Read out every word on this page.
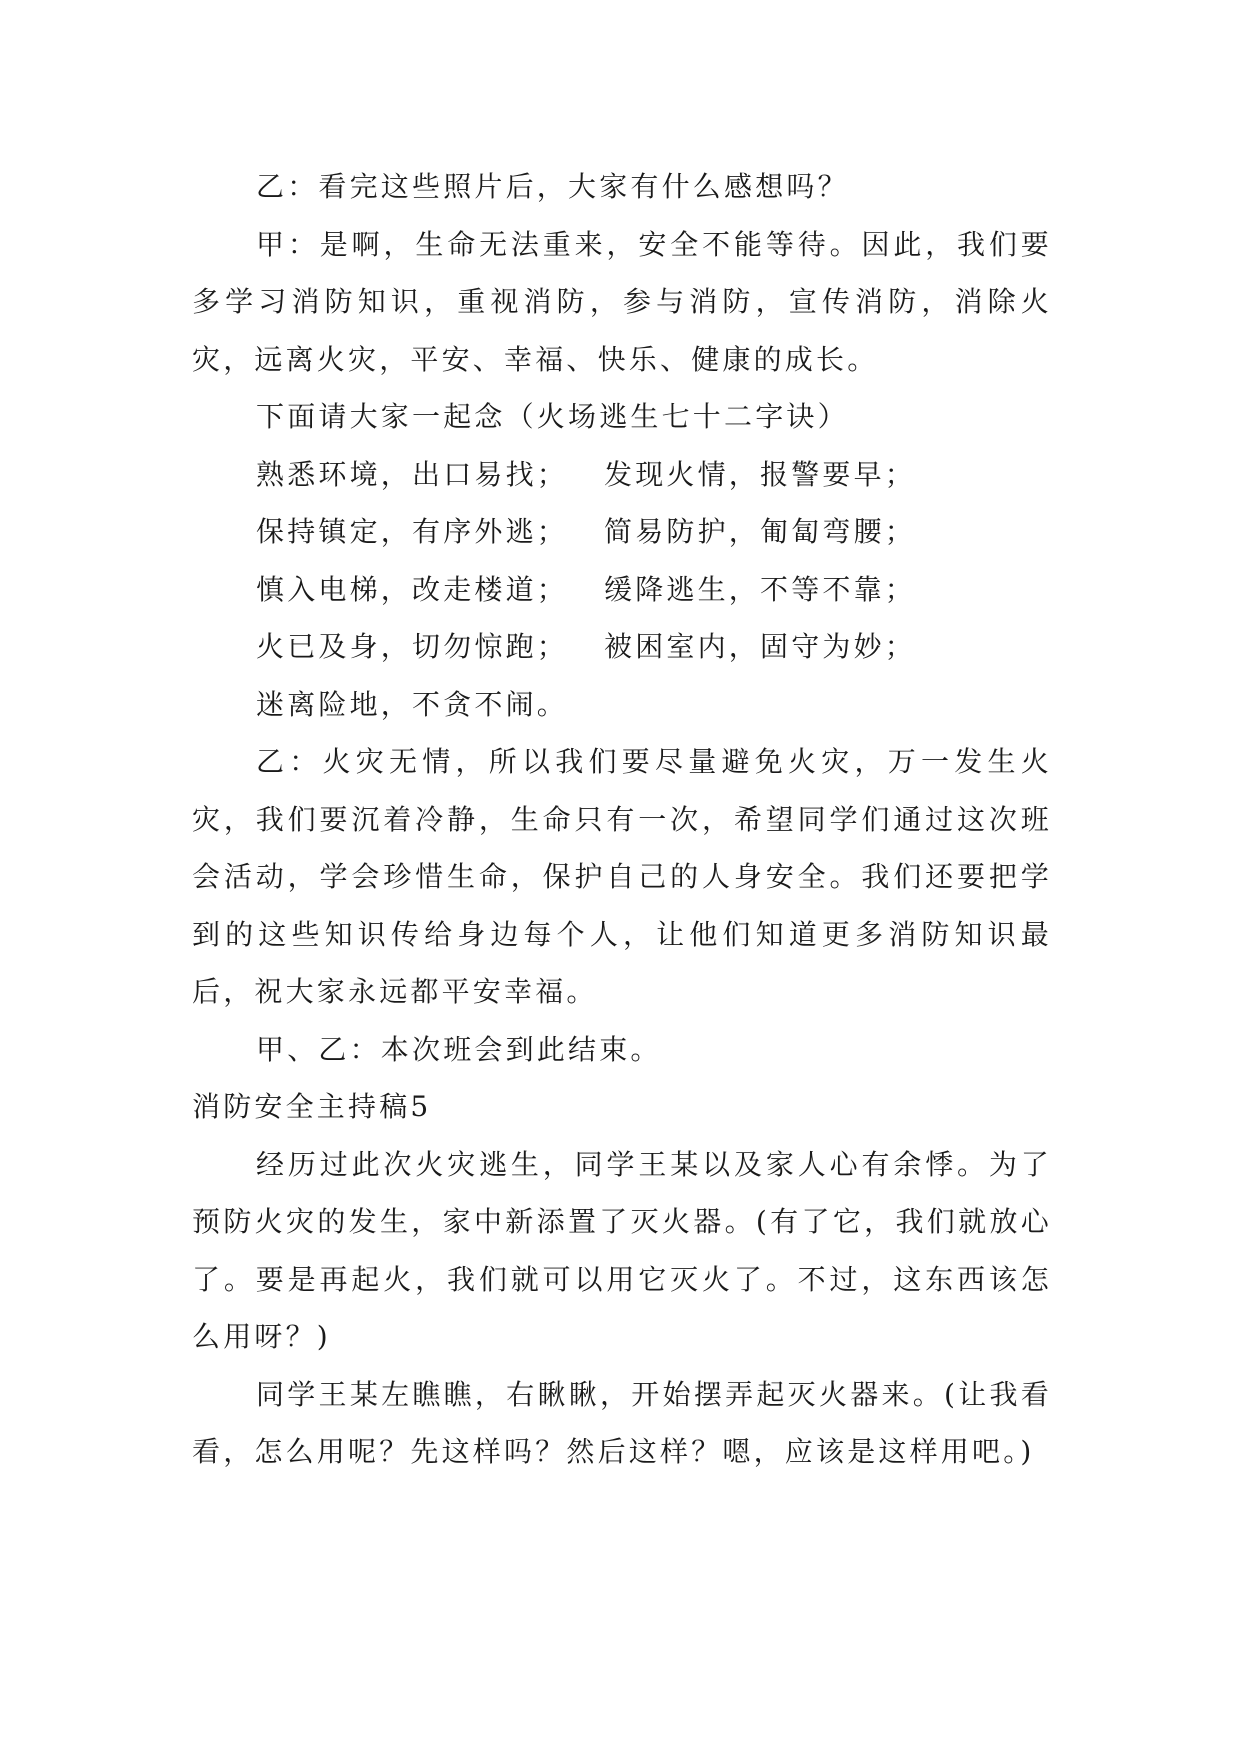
乙：看完这些照片后，大家有什么感想吗？

甲：是啊，生命无法重来，安全不能等待。因此，我们要多学习消防知识，重视消防，参与消防，宣传消防，消除火灾，远离火灾，平安、幸福、快乐、健康的成长。

下面请大家一起念（火场逃生七十二字诀）

熟悉环境，出口易找； 发现火情，报警要早；

保持镇定，有序外逃； 简易防护，匍匐弯腰；

慎入电梯，改走楼道； 缓降逃生，不等不靠；

火已及身，切勿惊跑； 被困室内，固守为妙；

迷离险地，不贪不闹。

乙：火灾无情，所以我们要尽量避免火灾，万一发生火灾，我们要沉着冷静，生命只有一次，希望同学们通过这次班会活动，学会珍惜生命，保护自己的人身安全。我们还要把学到的这些知识传给身边每个人，让他们知道更多消防知识最后，祝大家永远都平安幸福。

甲、乙：本次班会到此结束。

消防安全主持稿5

经历过此次火灾逃生，同学王某以及家人心有余悸。为了预防火灾的发生，家中新添置了灭火器。(有了它，我们就放心了。要是再起火，我们就可以用它灭火了。不过，这东西该怎么用呀？)

同学王某左瞧瞧，右瞅瞅，开始摆弄起灭火器来。(让我看看，怎么用呢？先这样吗？然后这样？嗯，应该是这样用吧。)
